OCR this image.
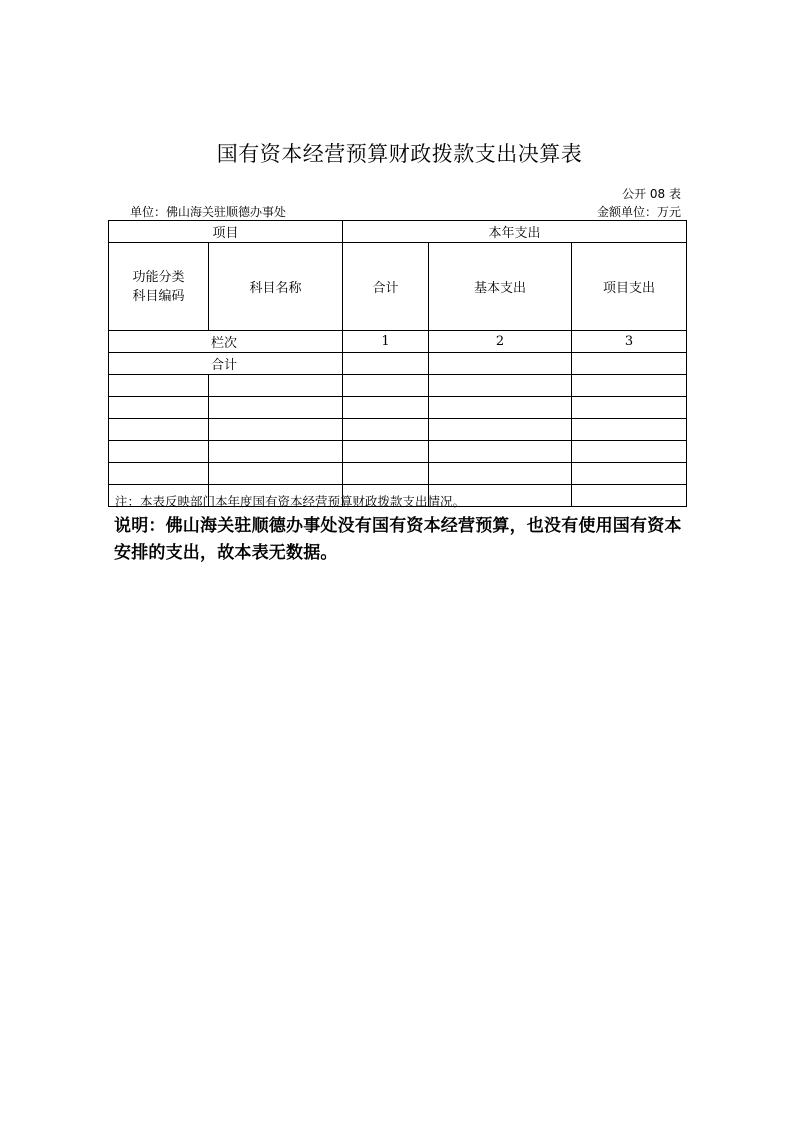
国有资本经营预算财政拨款支出决算表
公开 08 表
单位：佛山海关驻顺德办事处	金额单位：万元
项目		本年支出		

功能分类科目编码	科目名称	合计	基本支出	项目支出
栏次		1	2	3
合计				

注：本表反映部门本年度国有资本经营预算财政拨款支出情况。
说明：佛山海关驻顺德办事处没有国有资本经营预算，也没有使用国有资本安排的支出，故本表无数据。
